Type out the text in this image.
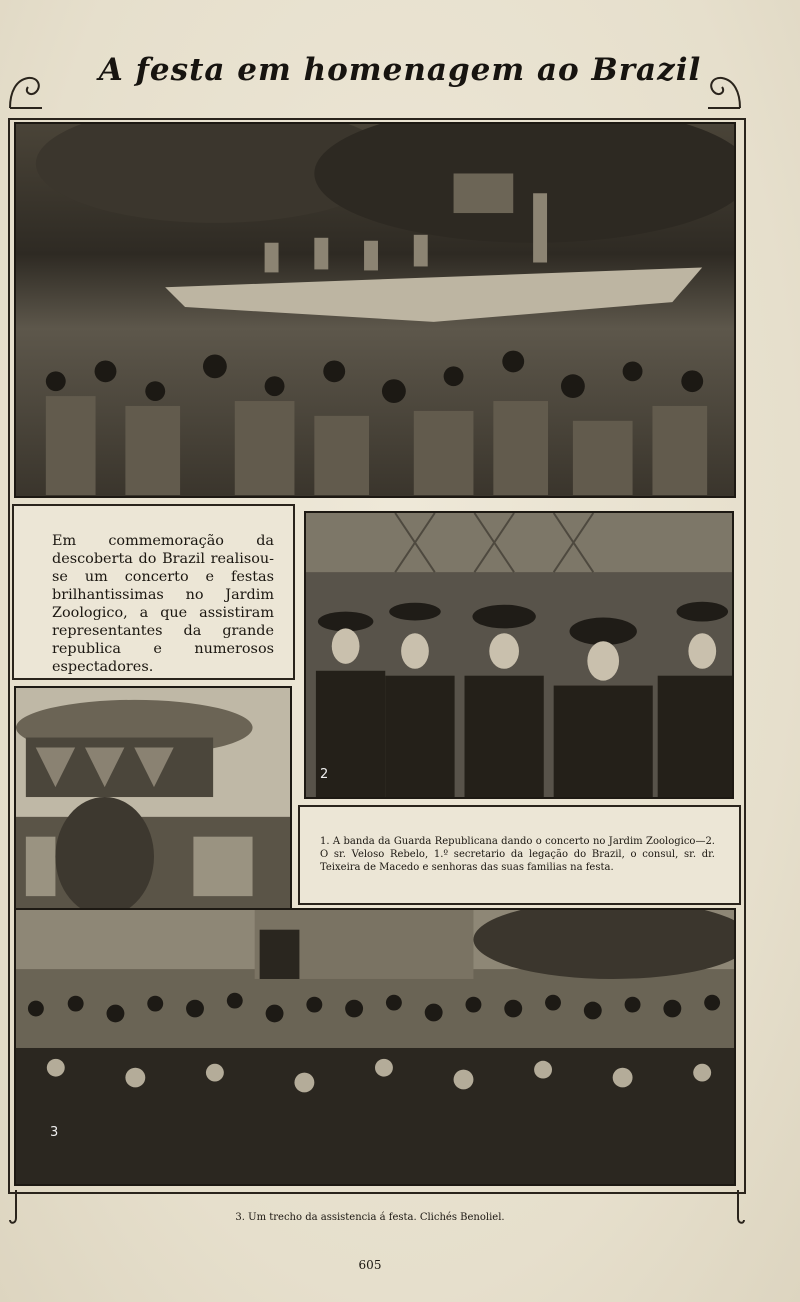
A festa em homenagem ao Brazil
Em commemoração da descoberta do Brazil realisou-se um concerto e festas brilhantissimas no Jardim Zoologico, a que assistiram representantes da grande republica e numerosos espectadores.
2
1. A banda da Guarda Republicana dando o concerto no Jardim Zoologico—2. O sr. Veloso Rebelo, 1.º secretario da legação do Brazil, o consul, sr. dr. Teixeira de Macedo e senhoras das suas familias na festa.
3
3. Um trecho da assistencia á festa. Clichés Benoliel.
605
